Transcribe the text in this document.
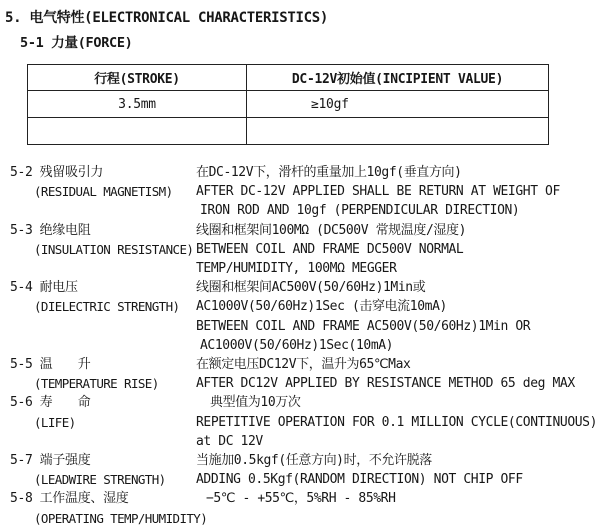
5. 电气特性(ELECTRONICAL CHARACTERISTICS)
5-1 力量(FORCE)
行程(STROKE)	DC-12V初始值(INCIPIENT VALUE)
3.5mm	≥10gf

5-2 残留吸引力
(RESIDUAL MAGNETISM)
在DC-12V下，滑杆的重量加上10gf(垂直方向)
AFTER DC-12V APPLIED SHALL BE RETURN AT WEIGHT OF
IRON ROD AND 10gf (PERPENDICULAR DIRECTION)
5-3 绝缘电阻
(INSULATION RESISTANCE)
线圈和框架间100MΩ (DC500V 常规温度/湿度)
BETWEEN COIL AND FRAME DC500V NORMAL
TEMP/HUMIDITY, 100MΩ MEGGER
5-4 耐电压
(DIELECTRIC STRENGTH)
线圈和框架间AC500V(50/60Hz)1Min或
AC1000V(50/60Hz)1Sec (击穿电流10mA)
BETWEEN COIL AND FRAME AC500V(50/60Hz)1Min OR
AC1000V(50/60Hz)1Sec(10mA)
5-5 温　　升
(TEMPERATURE RISE)
在额定电压DC12V下，温升为65℃Max
AFTER DC12V APPLIED BY RESISTANCE METHOD 65 deg MAX
5-6 寿　　命
(LIFE)
典型值为10万次
REPETITIVE OPERATION FOR 0.1 MILLION CYCLE(CONTINUOUS)
at DC 12V
5-7 端子强度
(LEADWIRE STRENGTH)
当施加0.5kgf(任意方向)时，不允许脱落
ADDING 0.5Kgf(RANDOM DIRECTION) NOT CHIP OFF
5-8 工作温度、湿度
(OPERATING TEMP/HUMIDITY)
−5℃ - +55℃，5%RH - 85%RH
